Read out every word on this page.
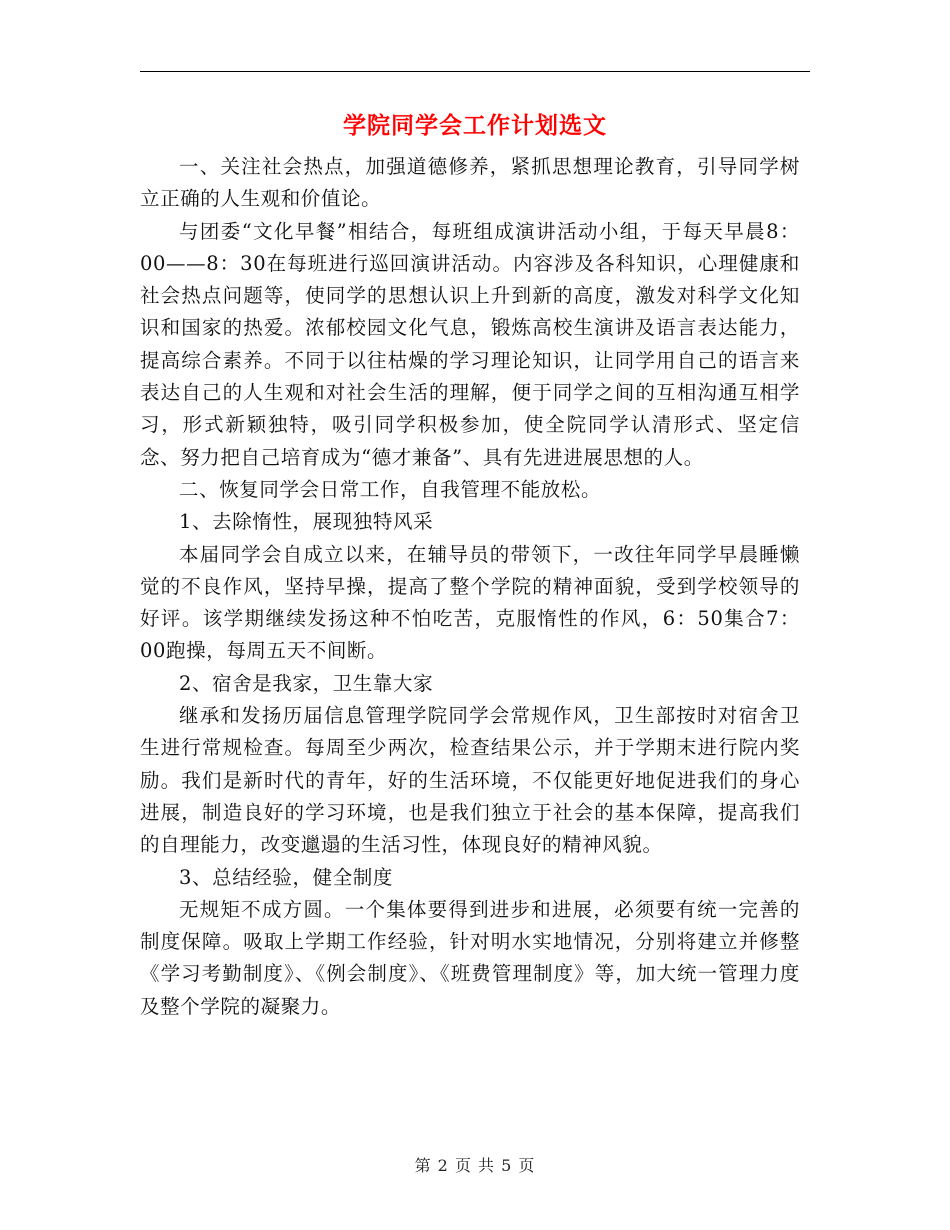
学院同学会工作计划选文

一、关注社会热点，加强道德修养，紧抓思想理论教育，引导同学树立正确的人生观和价值论。

与团委“文化早餐”相结合，每班组成演讲活动小组，于每天早晨8：00——8：30在每班进行巡回演讲活动。内容涉及各科知识，心理健康和社会热点问题等，使同学的思想认识上升到新的高度，激发对科学文化知识和国家的热爱。浓郁校园文化气息，锻炼高校生演讲及语言表达能力，提高综合素养。不同于以往枯燥的学习理论知识，让同学用自己的语言来表达自己的人生观和对社会生活的理解，便于同学之间的互相沟通互相学习，形式新颖独特，吸引同学积极参加，使全院同学认清形式、坚定信念、努力把自己培育成为“德才兼备”、具有先进进展思想的人。

二、恢复同学会日常工作，自我管理不能放松。

1、去除惰性，展现独特风采

本届同学会自成立以来，在辅导员的带领下，一改往年同学早晨睡懒觉的不良作风，坚持早操，提高了整个学院的精神面貌，受到学校领导的好评。该学期继续发扬这种不怕吃苦，克服惰性的作风，6：50集合7：00跑操，每周五天不间断。

2、宿舍是我家，卫生靠大家

继承和发扬历届信息管理学院同学会常规作风，卫生部按时对宿舍卫生进行常规检查。每周至少两次，检查结果公示，并于学期末进行院内奖励。我们是新时代的青年，好的生活环境，不仅能更好地促进我们的身心进展，制造良好的学习环境，也是我们独立于社会的基本保障，提高我们的自理能力，改变邋遢的生活习性，体现良好的精神风貌。

3、总结经验，健全制度

无规矩不成方圆。一个集体要得到进步和进展，必须要有统一完善的制度保障。吸取上学期工作经验，针对明水实地情况，分别将建立并修整《学习考勤制度》、《例会制度》、《班费管理制度》等，加大统一管理力度及整个学院的凝聚力。

第 2 页 共 5 页
